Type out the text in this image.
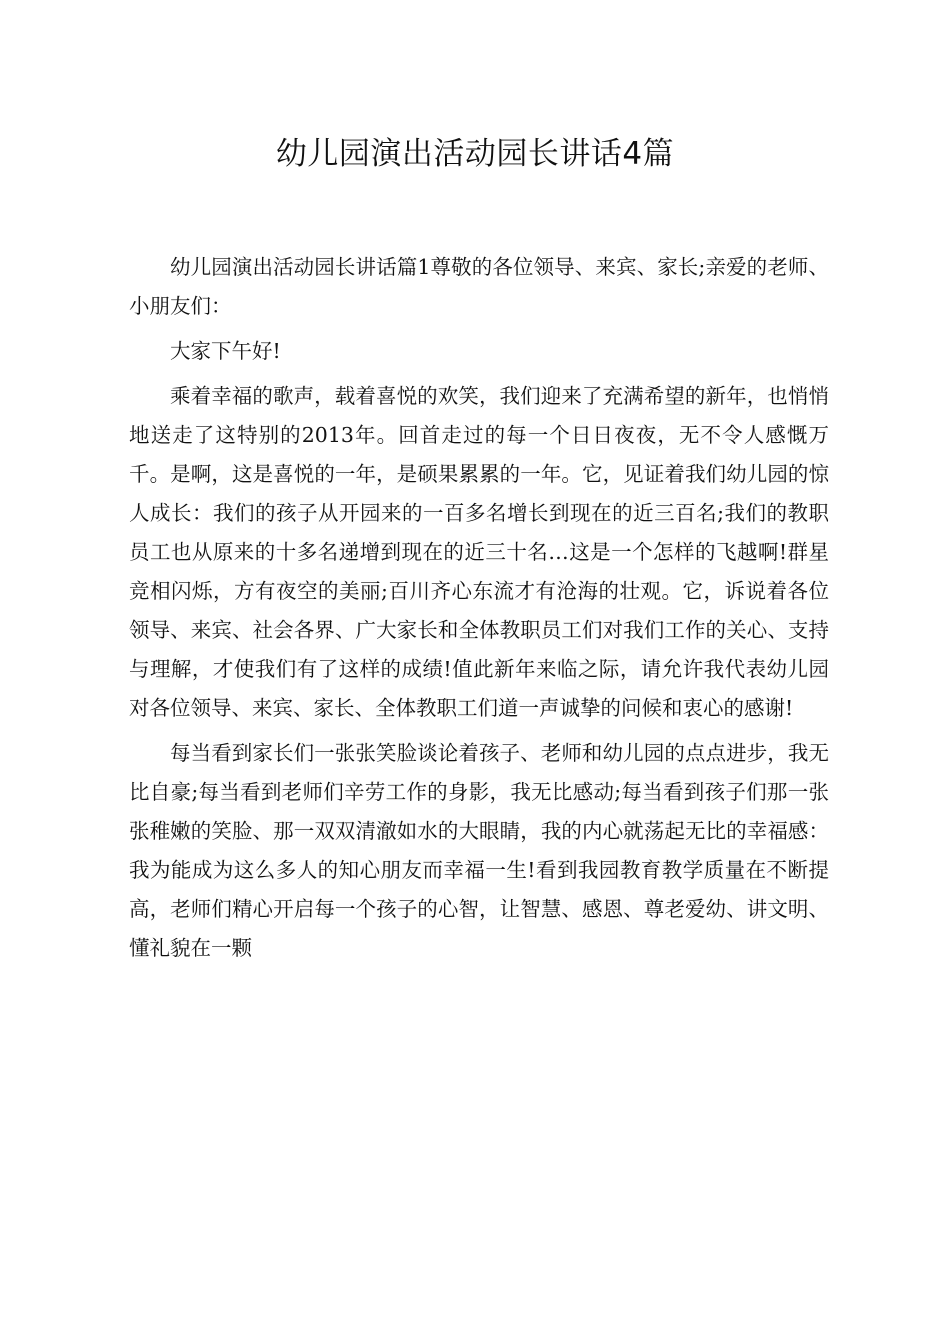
幼儿园演出活动园长讲话4篇

幼儿园演出活动园长讲话篇1尊敬的各位领导、来宾、家长;亲爱的老师、小朋友们：

大家下午好!

乘着幸福的歌声，载着喜悦的欢笑，我们迎来了充满希望的新年，也悄悄地送走了这特别的2013年。回首走过的每一个日日夜夜，无不令人感慨万千。是啊，这是喜悦的一年，是硕果累累的一年。它，见证着我们幼儿园的惊人成长：我们的孩子从开园来的一百多名增长到现在的近三百名;我们的教职员工也从原来的十多名递增到现在的近三十名…这是一个怎样的飞越啊!群星竞相闪烁，方有夜空的美丽;百川齐心东流才有沧海的壮观。它，诉说着各位领导、来宾、社会各界、广大家长和全体教职员工们对我们工作的关心、支持与理解，才使我们有了这样的成绩!值此新年来临之际，请允许我代表幼儿园对各位领导、来宾、家长、全体教职工们道一声诚挚的问候和衷心的感谢!

每当看到家长们一张张笑脸谈论着孩子、老师和幼儿园的点点进步，我无比自豪;每当看到老师们辛劳工作的身影，我无比感动;每当看到孩子们那一张张稚嫩的笑脸、那一双双清澈如水的大眼睛，我的内心就荡起无比的幸福感：我为能成为这么多人的知心朋友而幸福一生!看到我园教育教学质量在不断提高，老师们精心开启每一个孩子的心智，让智慧、感恩、尊老爱幼、讲文明、懂礼貌在一颗
